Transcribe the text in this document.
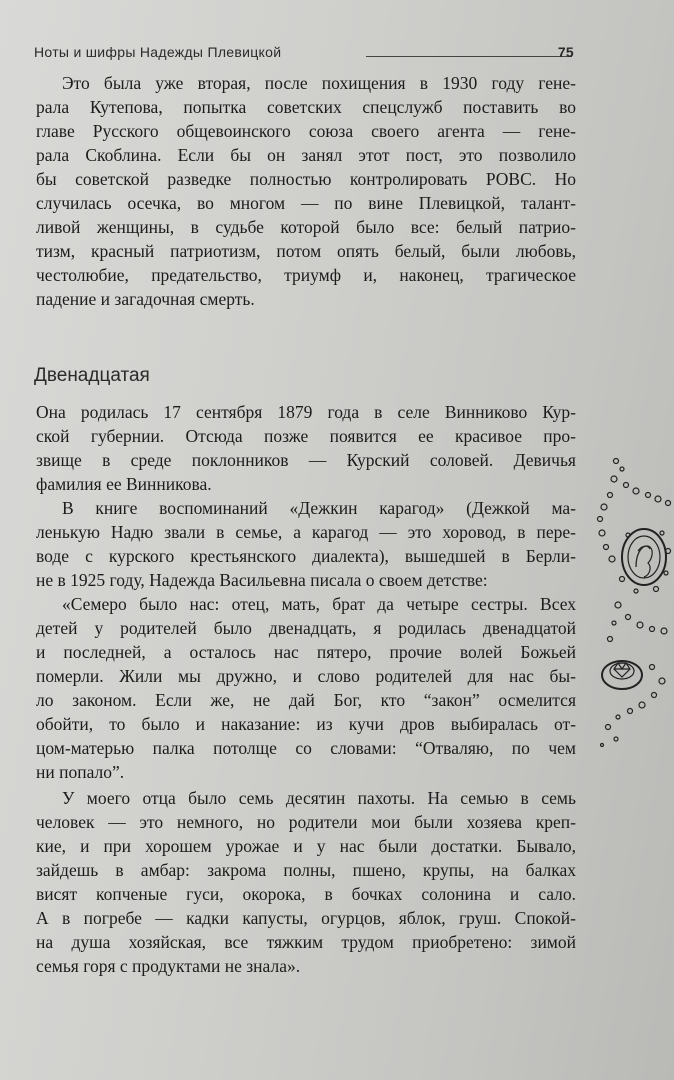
Ноты и шифры Надежды Плевицкой	75
Это была уже вторая, после похищения в 1930 году гене-
рала Кутепова, попытка советских спецслужб поставить во
главе Русского общевоинского союза своего агента — гене-
рала Скоблина. Если бы он занял этот пост, это позволило
бы советской разведке полностью контролировать РОВС. Но
случилась осечка, во многом — по вине Плевицкой, талант-
ливой женщины, в судьбе которой было все: белый патрио-
тизм, красный патриотизм, потом опять белый, были любовь,
честолюбие, предательство, триумф и, наконец, трагическое
падение и загадочная смерть.
Двенадцатая
Она родилась 17 сентября 1879 года в селе Винниково Кур-
ской губернии. Отсюда позже появится ее красивое про-
звище в среде поклонников — Курский соловей. Девичья
фамилия ее Винникова.
В книге воспоминаний «Дежкин карагод» (Дежкой ма-
ленькую Надю звали в семье, а карагод — это хоровод, в пере-
воде с курского крестьянского диалекта), вышедшей в Берли-
не в 1925 году, Надежда Васильевна писала о своем детстве:
«Семеро было нас: отец, мать, брат да четыре сестры. Всех
детей у родителей было двенадцать, я родилась двенадцатой
и последней, а осталось нас пятеро, прочие волей Божьей
померли. Жили мы дружно, и слово родителей для нас бы-
ло законом. Если же, не дай Бог, кто “закон” осмелится
обойти, то было и наказание: из кучи дров выбиралась от-
цом-матерью палка потолще со словами: “Отваляю, по чем
ни попало”.
У моего отца было семь десятин пахоты. На семью в семь
человек — это немного, но родители мои были хозяева креп-
кие, и при хорошем урожае и у нас были достатки. Бывало,
зайдешь в амбар: закрома полны, пшено, крупы, на балках
висят копченые гуси, окорока, в бочках солонина и сало.
А в погребе — кадки капусты, огурцов, яблок, груш. Спокой-
на душа хозяйская, все тяжким трудом приобретено: зимой
семья горя с продуктами не знала».
